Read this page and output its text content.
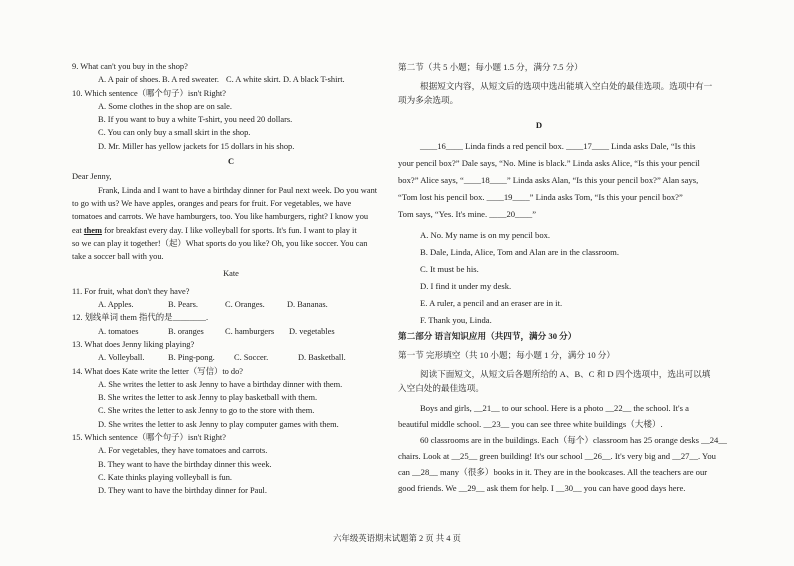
9. What can't you buy in the shop?
A. A pair of shoes. B. A red sweater. C. A white skirt. D. A black T-shirt.
10. Which sentence（哪个句子）isn't Right?
A. Some clothes in the shop are on sale.
B. If you want to buy a white T-shirt, you need 20 dollars.
C. You can only buy a small skirt in the shop.
D. Mr. Miller has yellow jackets for 15 dollars in his shop.
C
Dear Jenny,
Frank, Linda and I want to have a birthday dinner for Paul next week. Do you want
to go with us? We have apples, oranges and pears for fruit. For vegetables, we have
tomatoes and carrots. We have hamburgers, too. You like hamburgers, right? I know you
eat them for breakfast every day. I like volleyball for sports. It's fun. I want to play it
so we can play it together!（起）What sports do you like? Oh, you like soccer. You can
take a soccer ball with you.
Kate
11. For fruit, what don't they have?
A. Apples.	B. Pears.	C. Oranges.	D. Bananas.
12. 划线单词 them 指代的是________.
A. tomatoes	B. oranges	C. hamburgers	D. vegetables
13. What does Jenny liking playing?
A. Volleyball.	B. Ping-pong.	C. Soccer.	D. Basketball.
14. What does Kate write the letter（写信）to do?
A. She writes the letter to ask Jenny to have a birthday dinner with them.
B. She writes the letter to ask Jenny to play basketball with them.
C. She writes the letter to ask Jenny to go to the store with them.
D. She writes the letter to ask Jenny to play computer games with them.
15. Which sentence（哪个句子）isn't Right?
A. For vegetables, they have tomatoes and carrots.
B. They want to have the birthday dinner this week.
C. Kate thinks playing volleyball is fun.
D. They want to have the birthday dinner for Paul.
第二节（共 5 小题；每小题 1.5 分，满分 7.5 分）
根据短文内容，从短文后的选项中选出能填入空白处的最佳选项。选项中有一
项为多余选项。
D
____16____ Linda finds a red pencil box. ____17____ Linda asks Dale, “Is this
your pencil box?” Dale says, “No. Mine is black.” Linda asks Alice, “Is this your pencil
box?” Alice says, “____18____” Linda asks Alan, “Is this your pencil box?” Alan says,
“Tom lost his pencil box. ____19____” Linda asks Tom, “Is this your pencil box?”
Tom says, “Yes. It's mine. ____20____”
A. No. My name is on my pencil box.
B. Dale, Linda, Alice, Tom and Alan are in the classroom.
C. It must be his.
D. I find it under my desk.
E. A ruler, a pencil and an eraser are in it.
F. Thank you, Linda.
第二部分 语言知识应用（共四节，满分 30 分）
第一节 完形填空（共 10 小题；每小题 1 分，满分 10 分）
阅读下面短文，从短文后各题所给的 A、B、C 和 D 四个选项中，选出可以填
入空白处的最佳选项。
Boys and girls, __21__ to our school. Here is a photo __22__ the school. It's a
beautiful middle school. __23__ you can see three white buildings（大楼）.
60 classrooms are in the buildings. Each（每个）classroom has 25 orange desks __24__
chairs. Look at __25__ green building! It's our school __26__. It's very big and __27__. You
can __28__ many（很多）books in it. They are in the bookcases. All the teachers are our
good friends. We __29__ ask them for help. I __30__ you can have good days here.
六年级英语期末试题第 2 页 共 4 页
